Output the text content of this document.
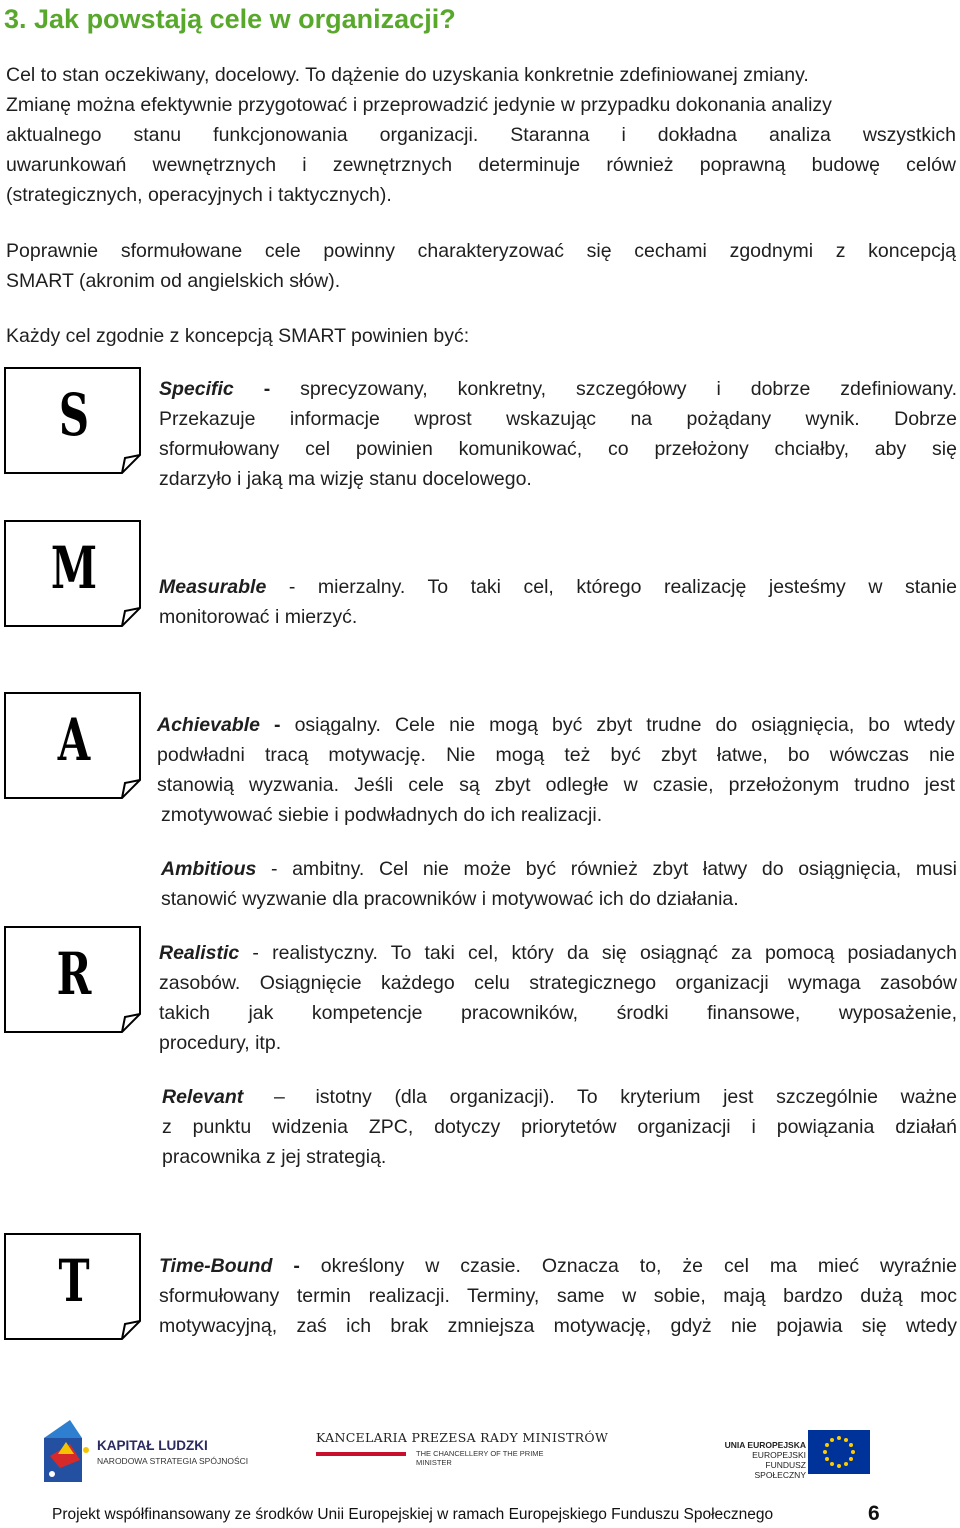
3. Jak powstają cele w organizacji?
Cel to stan oczekiwany, docelowy. To dążenie do uzyskania konkretnie zdefiniowanej zmiany.
Zmianę można efektywnie przygotować i przeprowadzić jedynie w przypadku dokonania analizy
aktualnego stanu funkcjonowania organizacji. Staranna i dokładna analiza wszystkich
uwarunkowań wewnętrznych i zewnętrznych determinuje również poprawną budowę celów
(strategicznych, operacyjnych i taktycznych).
Poprawnie sformułowane cele powinny charakteryzować się cechami zgodnymi z koncepcją
SMART (akronim od angielskich słów).
Każdy cel zgodnie z koncepcją SMART powinien być:
S
M
A
R
T
Specific - sprecyzowany, konkretny, szczegółowy i dobrze zdefiniowany.
Przekazuje informacje wprost wskazując na pożądany wynik. Dobrze
sformułowany cel powinien komunikować, co przełożony chciałby, aby się
zdarzyło i jaką ma wizję stanu docelowego.
Measurable - mierzalny. To taki cel, którego realizację jesteśmy w stanie
monitorować i mierzyć.
Achievable - osiągalny. Cele nie mogą być zbyt trudne do osiągnięcia, bo wtedy
podwładni tracą motywację. Nie mogą też być zbyt łatwe, bo wówczas nie
stanowią wyzwania. Jeśli cele są zbyt odległe w czasie, przełożonym trudno jest
zmotywować siebie i podwładnych do ich realizacji.
Ambitious - ambitny. Cel nie może być również zbyt łatwy do osiągnięcia, musi
stanowić wyzwanie dla pracowników i motywować ich do działania.
Realistic - realistyczny. To taki cel, który da się osiągnąć za pomocą posiadanych
zasobów. Osiągnięcie każdego celu strategicznego organizacji wymaga zasobów
takich jak kompetencje pracowników, środki finansowe, wyposażenie,
procedury, itp.
Relevant – istotny (dla organizacji). To kryterium jest szczególnie ważne
z punktu widzenia ZPC, dotyczy priorytetów organizacji i powiązania działań
pracownika z jej strategią.
Time-Bound - określony w czasie. Oznacza to, że cel ma mieć wyraźnie
sformułowany termin realizacji. Terminy, same w sobie, mają bardzo dużą moc
motywacyjną, zaś ich brak zmniejsza motywację, gdyż nie pojawia się wtedy
KAPITAŁ LUDZKI
NARODOWA STRATEGIA SPÓJNOŚCI
KANCELARIA PREZESA RADY MINISTRÓW
THE CHANCELLERY OF THE PRIME MINISTER
UNIA EUROPEJSKA
EUROPEJSKI
FUNDUSZ SPOŁECZNY
Projekt współfinansowany ze środków Unii Europejskiej w ramach Europejskiego Funduszu Społecznego	6
